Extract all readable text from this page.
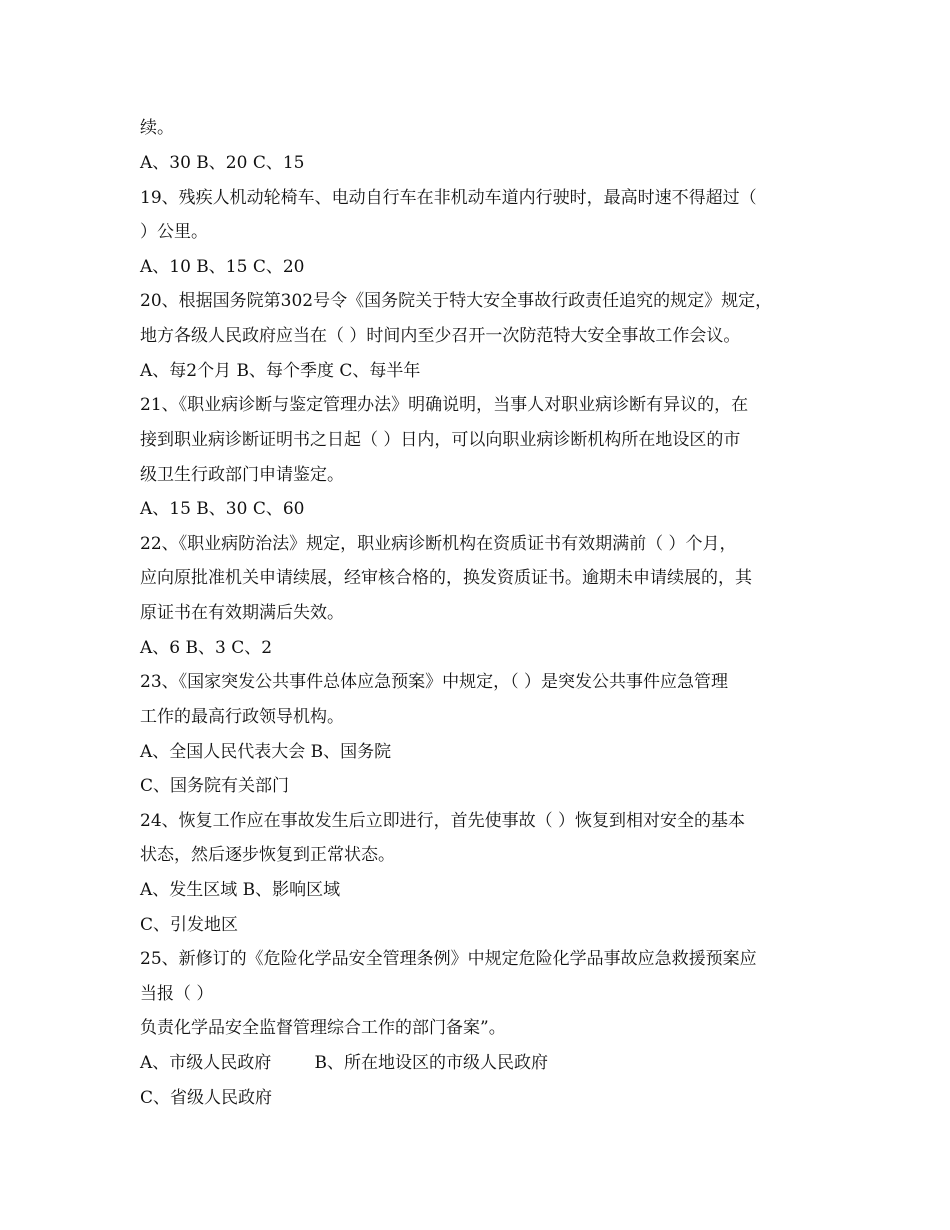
续。
A、30 B、20 C、15
19、残疾人机动轮椅车、电动自行车在非机动车道内行驶时，最高时速不得超过（
）公里。
A、10 B、15 C、20
20、根据国务院第302号令《国务院关于特大安全事故行政责任追究的规定》规定，
地方各级人民政府应当在（ ）时间内至少召开一次防范特大安全事故工作会议。
A、每2个月 B、每个季度 C、每半年
21、《职业病诊断与鉴定管理办法》明确说明，当事人对职业病诊断有异议的，在
接到职业病诊断证明书之日起（ ）日内，可以向职业病诊断机构所在地设区的市
级卫生行政部门申请鉴定。
A、15 B、30 C、60
22、《职业病防治法》规定，职业病诊断机构在资质证书有效期满前（ ）个月，
应向原批准机关申请续展，经审核合格的，换发资质证书。逾期未申请续展的，其
原证书在有效期满后失效。
A、6 B、3 C、2
23、《国家突发公共事件总体应急预案》中规定，（ ）是突发公共事件应急管理
工作的最高行政领导机构。
A、全国人民代表大会 B、国务院
C、国务院有关部门
24、恢复工作应在事故发生后立即进行，首先使事故（ ）恢复到相对安全的基本
状态，然后逐步恢复到正常状态。
A、发生区域 B、影响区域
C、引发地区
25、新修订的《危险化学品安全管理条例》中规定危险化学品事故应急救援预案应
当报（ ）
负责化学品安全监督管理综合工作的部门备案”。
A、市级人民政府        B、所在地设区的市级人民政府
C、省级人民政府
